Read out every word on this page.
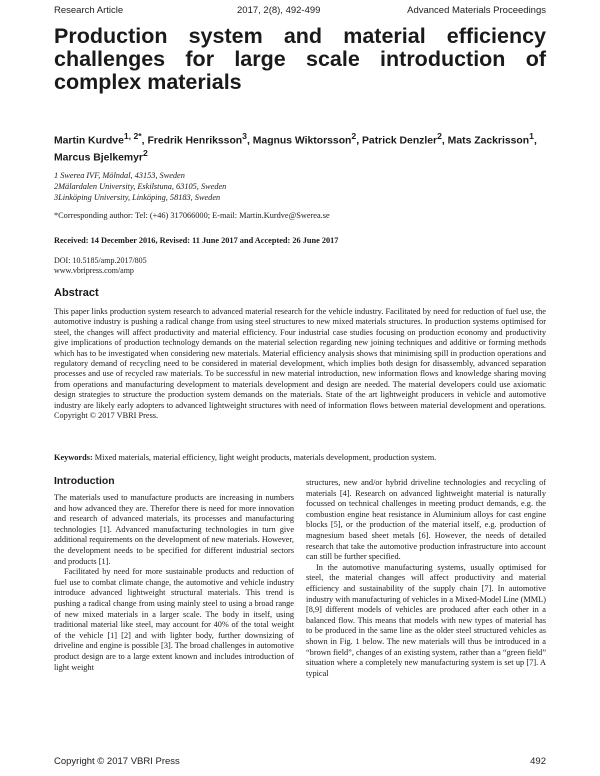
Research Article	2017, 2(8), 492-499	Advanced Materials Proceedings
Production system and material efficiency challenges for large scale introduction of complex materials
Martin Kurdve$^{1, 2*}$, Fredrik Henriksson$^3$, Magnus Wiktorsson$^2$, Patrick Denzler$^2$, Mats Zackrisson$^1$,
Marcus Bjelkemyr$^2$
1 Swerea IVF, Mölndal, 43153, Sweden
2Mälardalen University, Eskilstuna, 63105, Sweden
3Linköping University, Linköping, 58183, Sweden
*Corresponding author: Tel: (+46) 317066000; E-mail: Martin.Kurdve@Swerea.se
Received: 14 December 2016, Revised: 11 June 2017 and Accepted: 26 June 2017
DOI: 10.5185/amp.2017/805
www.vbripress.com/amp
Abstract

This paper links production system research to advanced material research for the vehicle industry. Facilitated by need for reduction of fuel use, the automotive industry is pushing a radical change from using steel structures to new mixed materials structures. In production systems optimised for steel, the changes will affect productivity and material efficiency. Four industrial case studies focusing on production economy and productivity give implications of production technology demands on the material selection regarding new joining techniques and additive or forming methods which has to be investigated when considering new materials. Material efficiency analysis shows that minimising spill in production operations and regulatory demand of recycling need to be considered in material development, which implies both design for disassembly, advanced separation processes and use of recycled raw materials. To be successful in new material introduction, new information flows and knowledge sharing moving from operations and manufacturing development to materials development and design are needed. The material developers could use axiomatic design strategies to structure the production system demands on the materials. State of the art lightweight producers in vehicle and automotive industry are likely early adopters to advanced lightweight structures with need of information flows between material development and operations. Copyright © 2017 VBRI Press.

Keywords: Mixed materials, material efficiency, light weight products, materials development, production system.

Introduction

The materials used to manufacture products are increasing in numbers and how advanced they are. Therefor there is need for more innovation and research of advanced materials, its processes and manufacturing technologies [1]. Advanced manufacturing technologies in turn give additional requirements on the development of new materials. However, the development needs to be specified for different industrial sectors and products [1].

Facilitated by need for more sustainable products and reduction of fuel use to combat climate change, the automotive and vehicle industry introduce advanced lightweight structural materials. This trend is pushing a radical change from using mainly steel to using a broad range of new mixed materials in a larger scale. The body in itself, using traditional material like steel, may account for 40% of the total weight of the vehicle [1] [2] and with lighter body, further downsizing of driveline and engine is possible [3]. The broad challenges in automotive product design are to a large extent known and includes introduction of light weight

structures, new and/or hybrid driveline technologies and recycling of materials [4]. Research on advanced lightweight material is naturally focussed on technical challenges in meeting product demands, e.g. the combustion engine heat resistance in Aluminium alloys for cast engine blocks [5], or the production of the material itself, e.g. production of magnesium based sheet metals [6]. However, the needs of detailed research that take the automotive production infrastructure into account can still be further specified.

In the automotive manufacturing systems, usually optimised for steel, the material changes will affect productivity and material efficiency and sustainability of the supply chain [7]. In automotive industry with manufacturing of vehicles in a Mixed-Model Line (MML) [8,9] different models of vehicles are produced after each other in a balanced flow. This means that models with new types of material has to be produced in the same line as the older steel structured vehicles as shown in Fig. 1 below. The new materials will thus be introduced in a “brown field”, changes of an existing system, rather than a “green field” situation where a completely new manufacturing system is set up [7]. A typical

Copyright © 2017 VBRI Press	492
